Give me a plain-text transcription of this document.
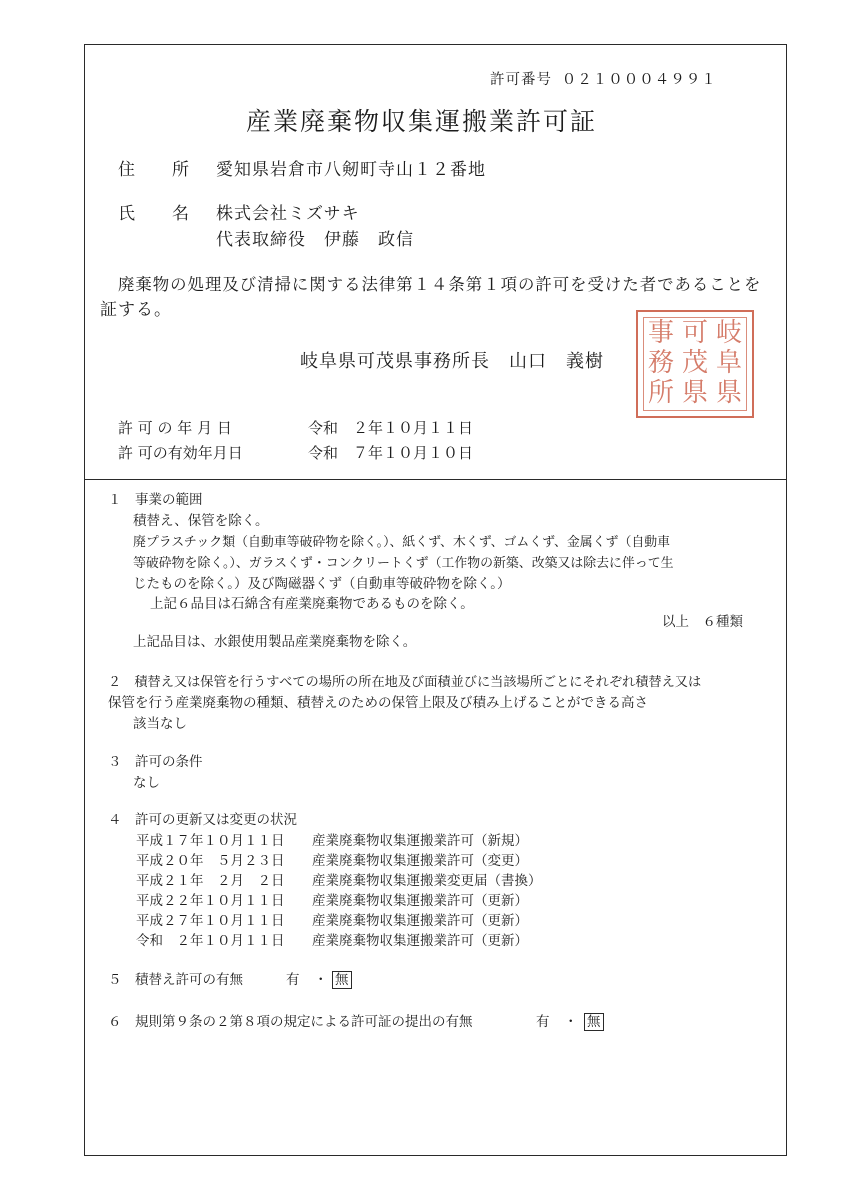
許可番号 ０２１０００４９９１
産業廃棄物収集運搬業許可証
住　　所 愛知県岩倉市八剱町寺山１２番地
氏　　名 株式会社ミズサキ
代表取締役　伊藤　政信
廃棄物の処理及び清掃に関する法律第１４条第１項の許可を受けた者であることを
証する。
岐阜県可茂県事務所長　山口　義樹
岐
阜
県
可
茂
県
事
務
所
許 可 の 年 月 日	令和　２年１０月１１日
許 可の有効年月日	令和　７年１０月１０日
１　事業の範囲
積替え、保管を除く。
廃プラスチック類（自動車等破砕物を除く。）、紙くず、木くず、ゴムくず、金属くず（自動車
等破砕物を除く。）、ガラスくず・コンクリートくず（工作物の新築、改築又は除去に伴って生
じたものを除く。）及び陶磁器くず（自動車等破砕物を除く。）
上記６品目は石綿含有産業廃棄物であるものを除く。
以上　６種類
上記品目は、水銀使用製品産業廃棄物を除く。
２　積替え又は保管を行うすべての場所の所在地及び面積並びに当該場所ごとにそれぞれ積替え又は
保管を行う産業廃棄物の種類、積替えのための保管上限及び積み上げることができる高さ
該当なし
３　許可の条件
なし
４　許可の更新又は変更の状況
平成１７年１０月１１日 産業廃棄物収集運搬業許可（新規）
平成２０年　５月２３日 産業廃棄物収集運搬業許可（変更）
平成２１年　２月　２日 産業廃棄物収集運搬業変更届（書換）
平成２２年１０月１１日 産業廃棄物収集運搬業許可（更新）
平成２７年１０月１１日 産業廃棄物収集運搬業許可（更新）
令和　２年１０月１１日 産業廃棄物収集運搬業許可（更新）
５　積替え許可の有無	有 ・ 無
６　規則第９条の２第８項の規定による許可証の提出の有無	有 ・ 無
